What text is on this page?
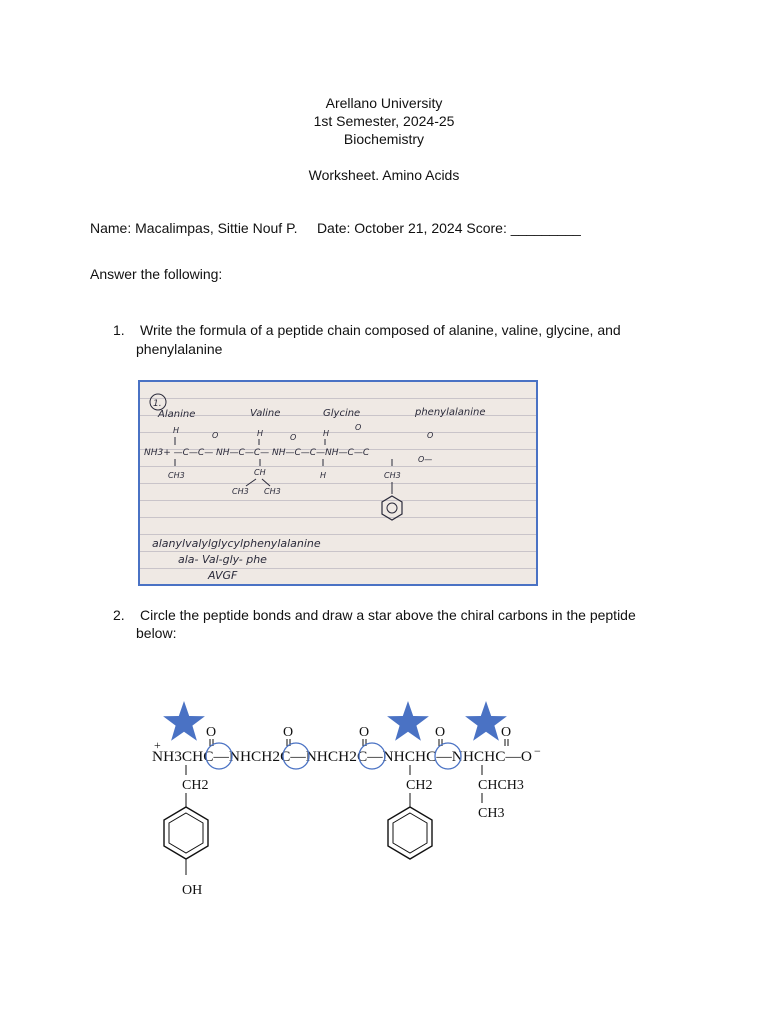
Arellano University
1st Semester, 2024-25
Biochemistry
Worksheet. Amino Acids
Name: Macalimpas, Sittie Nouf P.     Date: October 21, 2024 Score: _________
Answer the following:
1. Write the formula of a peptide chain composed of alanine, valine, glycine, and
phenylalanine
1.
Alanine	Valine	Glycine	phenylalanine
H	H	H
O	O
O
O
NH3+ —C—C— NH—C—C— NH—C—C—NH—C—C
O—
CH3	CH	H	CH3
CH3 CH3
alanylvalylglycylphenylalanine
ala- Val-gly- phe
AVGF
2. Circle the peptide bonds and draw a star above the chiral carbons in the peptide
below:
+
O	O	O	O	O
NH3CHC—NHCH2C—NHCH2C—NHCHC—NHCHC—O −
CH2	CH2	CHCH3
CH3
OH
